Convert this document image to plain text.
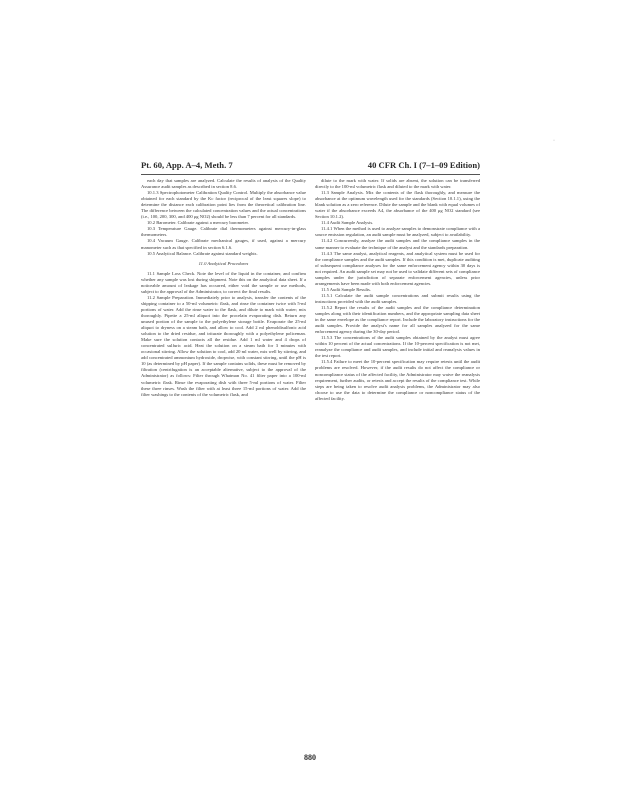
·
Pt. 60, App. A–4, Meth. 7	40 CFR Ch. I (7–1–09 Edition)

each day that samples are analyzed. Calculate the results of analysis of the Quality Assurance audit samples as described in section 8.6.

10.1.3 Spectrophotometer Calibration Quality Control. Multiply the absorbance value obtained for each standard by the Kc factor (reciprocal of the least squares slope) to determine the distance each calibration point lies from the theoretical calibration line. The difference between the calculated concentration values and the actual concentrations (i.e., 100, 200, 300, and 400 μg NO2) should be less than 7 percent for all standards.

10.2 Barometer. Calibrate against a mercury barometer.

10.3 Temperature Gauge. Calibrate dial thermometers against mercury-in-glass thermometers.

10.4 Vacuum Gauge. Calibrate mechanical gauges, if used, against a mercury manometer such as that specified in section 6.1.6.

10.5 Analytical Balance. Calibrate against standard weights.

11.0 Analytical Procedures

11.1 Sample Loss Check. Note the level of the liquid in the container, and confirm whether any sample was lost during shipment. Note this on the analytical data sheet. If a noticeable amount of leakage has occurred, either void the sample or use methods, subject to the approval of the Administrator, to correct the final results.

11.2 Sample Preparation. Immediately prior to analysis, transfer the contents of the shipping container to a 50-ml volumetric flask, and rinse the container twice with 5-ml portions of water. Add the rinse water to the flask, and dilute to mark with water; mix thoroughly. Pipette a 25-ml aliquot into the procelain evaporating dish. Return any unused portion of the sample to the polyethylene storage bottle. Evaporate the 25-ml aliquot to dryness on a steam bath, and allow to cool. Add 2 ml phenoldisulfonic acid solution to the dried residue, and triturate thoroughly with a polyethylene policeman. Make sure the solution contacts all the residue. Add 1 ml water and 4 drops of concentrated sulfuric acid. Heat the solution on a steam bath for 3 minutes with occasional stirring. Allow the solution to cool, add 20 ml water, mix well by stirring, and add concentrated ammonium hydroxide, dropwise, with constant stirring, until the pH is 10 (as determined by pH paper). If the sample contains solids, these must be removed by filtration (centrifugation is an acceptable alternative, subject to the approval of the Administrator) as follows: Filter through Whatman No. 41 filter paper into a 100-ml volumetric flask. Rinse the evaporating dish with three 5-ml portions of water. Filter these three rinses. Wash the filter with at least three 15-ml portions of water. Add the filter washings to the contents of the volumetric flask, and

dilute to the mark with water. If solids are absent, the solution can be transferred directly to the 100-ml volumetric flask and diluted to the mark with water.

11.3 Sample Analysis. Mix the contents of the flask thoroughly, and measure the absorbance at the optimum wavelength used for the standards (Section 10.1.1), using the blank solution as a zero reference. Dilute the sample and the blank with equal volumes of water if the absorbance exceeds A4, the absorbance of the 400 μg NO2 standard (see Section 10.1.2).

11.4 Audit Sample Analysis.

11.4.1 When the method is used to analyze samples to demonstrate compliance with a source emission regulation, an audit sample must be analyzed, subject to availability.

11.4.2 Concurrently, analyze the audit samples and the compliance samples in the same manner to evaluate the technique of the analyst and the standards preparation.

11.4.3 The same analyst, analytical reagents, and analytical system must be used for the compliance samples and the audit samples. If this condition is met, duplicate auditing of subsequent compliance analyses for the same enforcement agency within 30 days is not required. An audit sample set may not be used to validate different sets of compliance samples under the jurisdiction of separate enforcement agencies, unless prior arrangements have been made with both enforcement agencies.

11.5 Audit Sample Results.

11.5.1 Calculate the audit sample concentrations and submit results using the instructions provided with the audit samples.

11.5.2 Report the results of the audit samples and the compliance determination samples along with their identification numbers, and the appropriate sampling data sheet in the same envelope as the compliance report. Include the laboratory instructions for the audit samples. Provide the analyst's name for all samples analyzed for the same enforcement agency during the 30-day period.

11.5.3 The concentrations of the audit samples obtained by the analyst must agree within 10 percent of the actual concentrations. If the 10-percent specification is not met, reanalyze the compliance and audit samples, and include initial and reanalysis values in the test report.

11.5.4 Failure to meet the 10-percent specification may require retests until the audit problems are resolved. However, if the audit results do not affect the compliance or noncompliance status of the affected facility, the Administrator may waive the reanalysis requirement, further audits, or retests and accept the results of the compliance test. While steps are being taken to resolve audit analysis problems, the Administrator may also choose to use the data to determine the compliance or noncompliance status of the affected facility.

880
